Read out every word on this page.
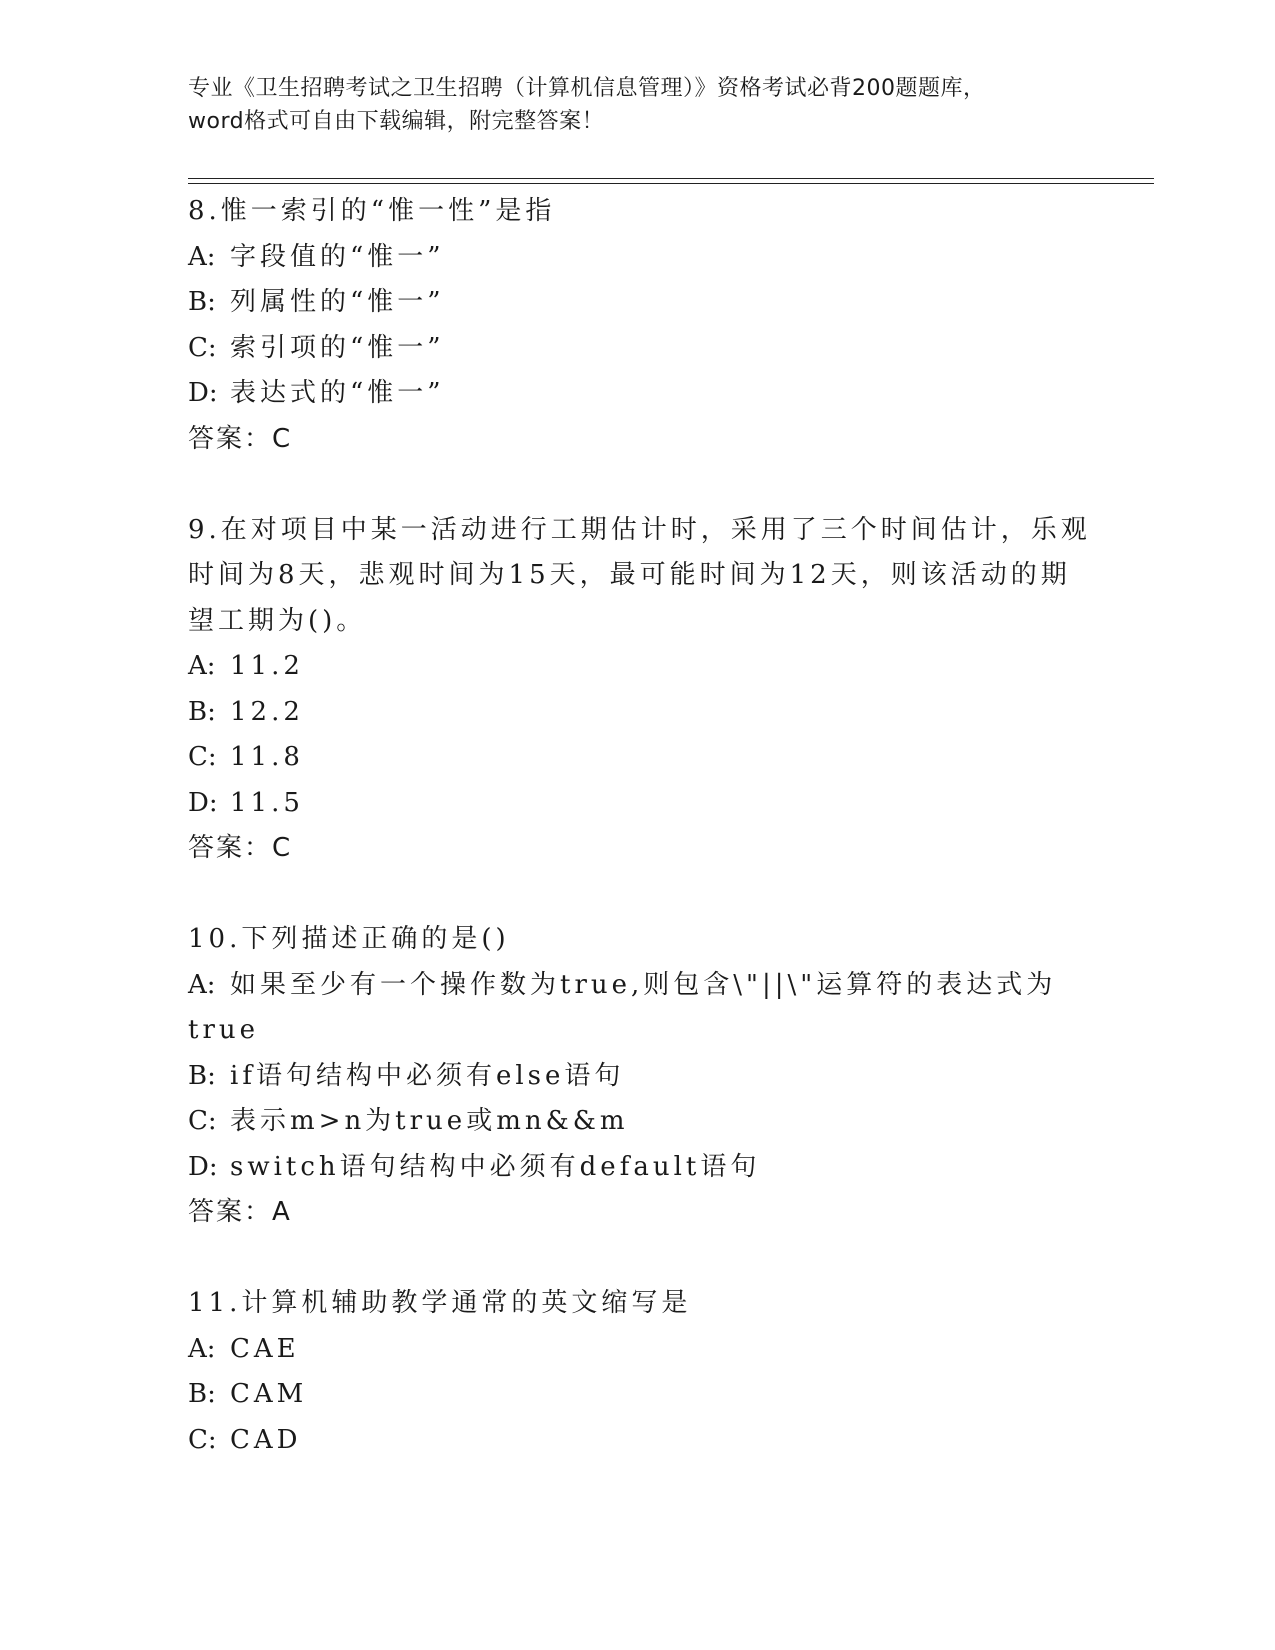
专业《卫生招聘考试之卫生招聘（计算机信息管理）》资格考试必背200题题库，
word格式可自由下载编辑，附完整答案！
8.惟一索引的“惟一性”是指
A: 字段值的“惟一”
B: 列属性的“惟一”
C: 索引项的“惟一”
D: 表达式的“惟一”
答案：C
9.在对项目中某一活动进行工期估计时，采用了三个时间估计，乐观
时间为8天，悲观时间为15天，最可能时间为12天，则该活动的期
望工期为()。
A: 11.2
B: 12.2
C: 11.8
D: 11.5
答案：C
10.下列描述正确的是()
A: 如果至少有一个操作数为true,则包含\"||\"运算符的表达式为
true
B: if语句结构中必须有else语句
C: 表示m>n为true或mn&&m
D: switch语句结构中必须有default语句
答案：A
11.计算机辅助教学通常的英文缩写是
A: CAE
B: CAM
C: CAD
